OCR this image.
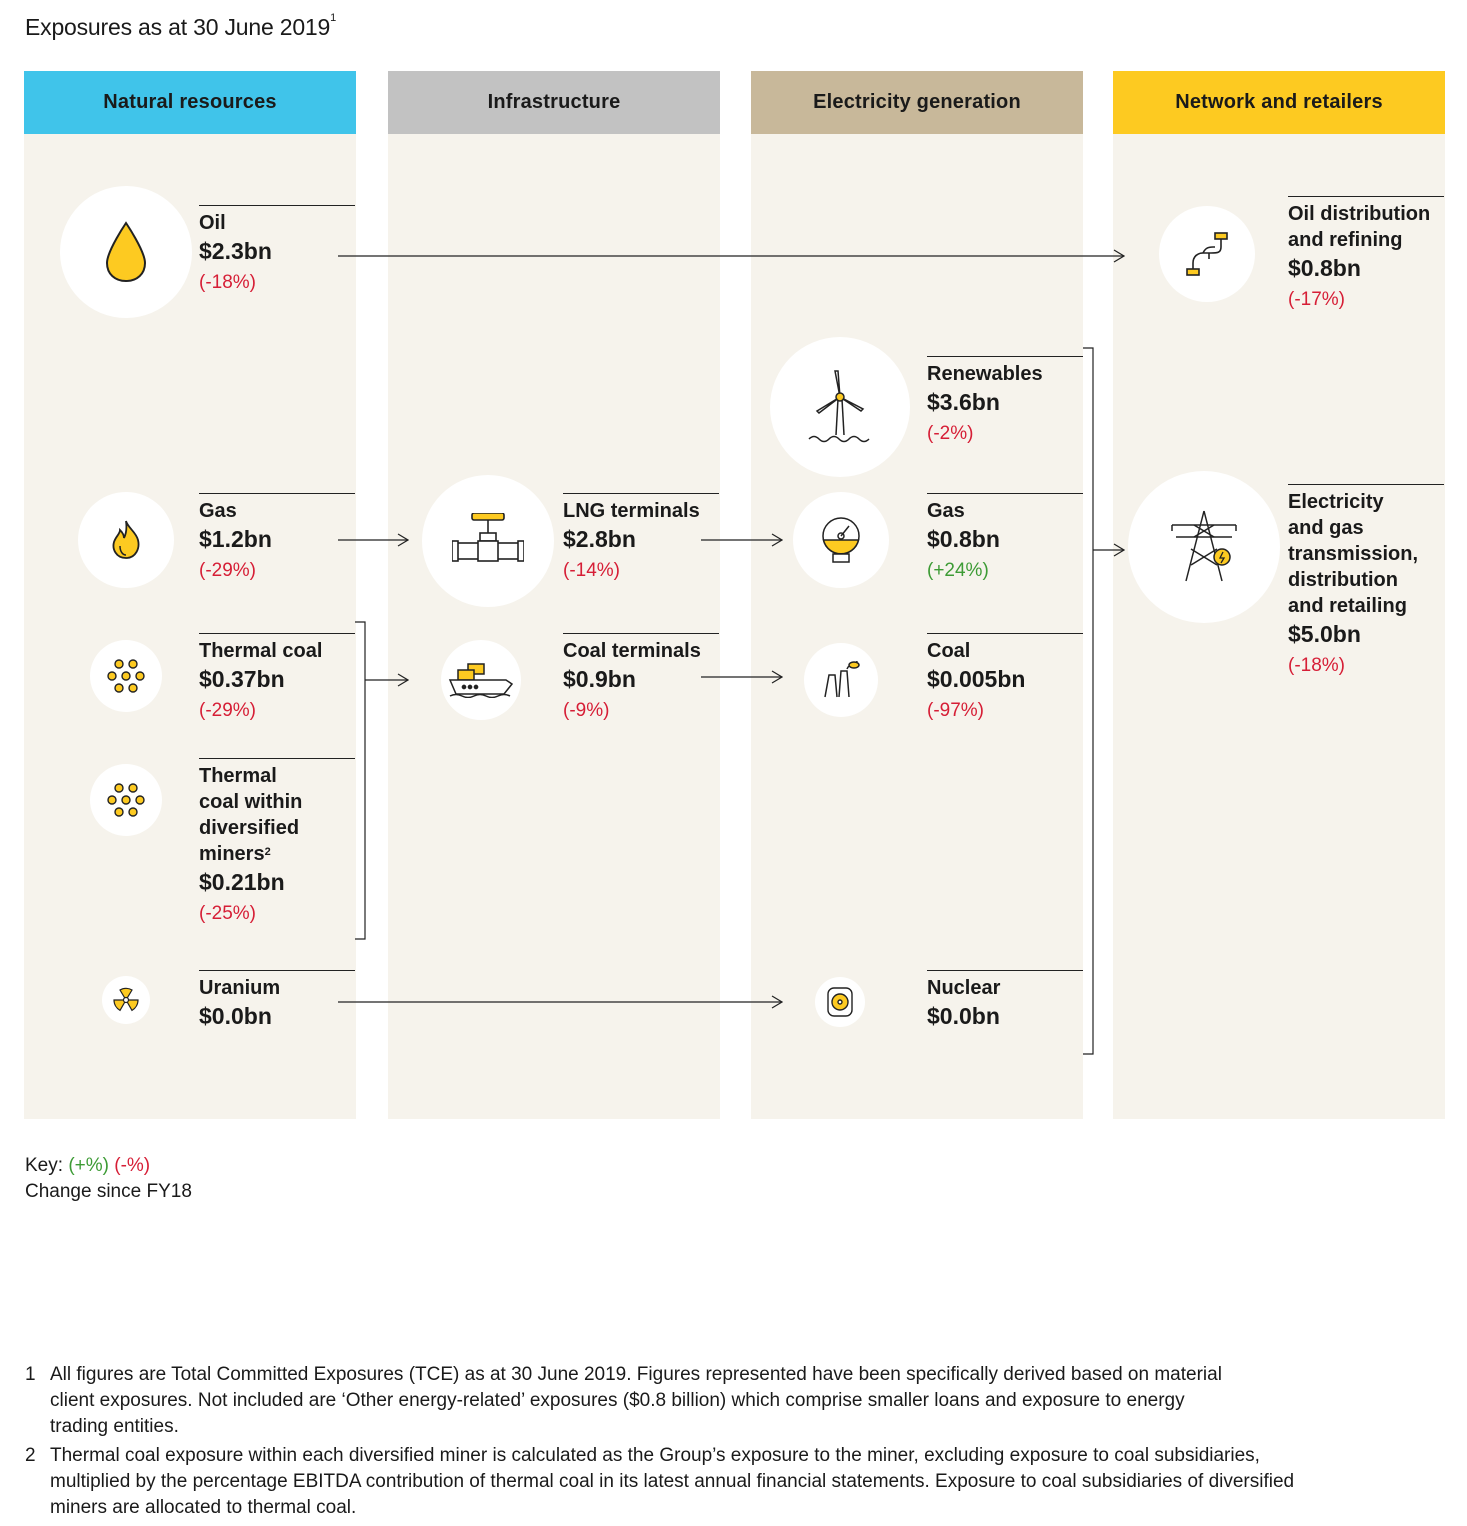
Exposures as at 30 June 2019$^1$
Natural resources	Infrastructure	Electricity generation	Network and retailers
Oil
$2.3bn
(-18%)
Gas
$1.2bn
(-29%)
Thermal coal
$0.37bn
(-29%)
Thermal
coal within
diversified
miners$^2$
$0.21bn
(-25%)
Uranium
$0.0bn
LNG terminals
$2.8bn
(-14%)
Coal terminals
$0.9bn
(-9%)
Renewables
$3.6bn
(-2%)
Gas
$0.8bn
(+24%)
Coal
$0.005bn
(-97%)
Nuclear
$0.0bn
Oil distribution
and refining
$0.8bn
(-17%)
Electricity
and gas
transmission,
distribution
and retailing
$5.0bn
(-18%)
Key: (+%) (-%)
Change since FY18
1 All figures are Total Committed Exposures (TCE) as at 30 June 2019. Figures represented have been specifically derived based on material
client exposures. Not included are ‘Other energy-related’ exposures ($0.8 billion) which comprise smaller loans and exposure to energy
trading entities.
2 Thermal coal exposure within each diversified miner is calculated as the Group’s exposure to the miner, excluding exposure to coal subsidiaries,
multiplied by the percentage EBITDA contribution of thermal coal in its latest annual financial statements. Exposure to coal subsidiaries of diversified
miners are allocated to thermal coal.
